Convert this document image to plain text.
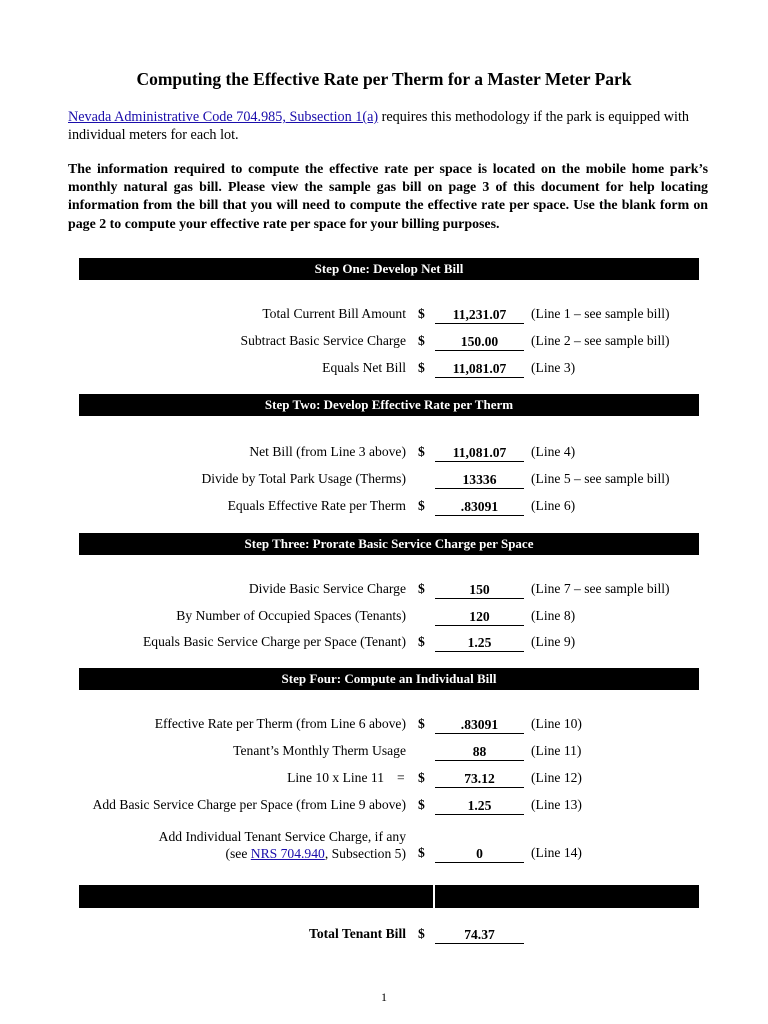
Computing the Effective Rate per Therm for a Master Meter Park
Nevada Administrative Code 704.985, Subsection 1(a) requires this methodology if the park is equipped with individual meters for each lot.
The information required to compute the effective rate per space is located on the mobile home park’s monthly natural gas bill. Please view the sample gas bill on page 3 of this document for help locating information from the bill that you will need to compute the effective rate per space. Use the blank form on page 2 to compute your effective rate per space for your billing purposes.
Step One: Develop Net Bill
Total Current Bill Amount $	11,231.07	(Line 1 – see sample bill)
Subtract Basic Service Charge $	150.00	(Line 2 – see sample bill)
Equals Net Bill $	11,081.07	(Line 3)
Step Two: Develop Effective Rate per Therm
Net Bill (from Line 3 above) $	11,081.07	(Line 4)
Divide by Total Park Usage (Therms)	13336	(Line 5 – see sample bill)
Equals Effective Rate per Therm $	.83091	(Line 6)
Step Three: Prorate Basic Service Charge per Space
Divide Basic Service Charge $	150	(Line 7 – see sample bill)
By Number of Occupied Spaces (Tenants)	120	(Line 8)
Equals Basic Service Charge per Space (Tenant) $	1.25	(Line 9)
Step Four: Compute an Individual Bill
Effective Rate per Therm (from Line 6 above) $	.83091	(Line 10)
Tenant’s Monthly Therm Usage	88	(Line 11)
Line 10 x Line 11 = $	73.12	(Line 12)
Add Basic Service Charge per Space (from Line 9 above) $	1.25	(Line 13)
Add Individual Tenant Service Charge, if any
(see NRS 704.940, Subsection 5) $	0	(Line 14)
Total Tenant Bill $	74.37
1
